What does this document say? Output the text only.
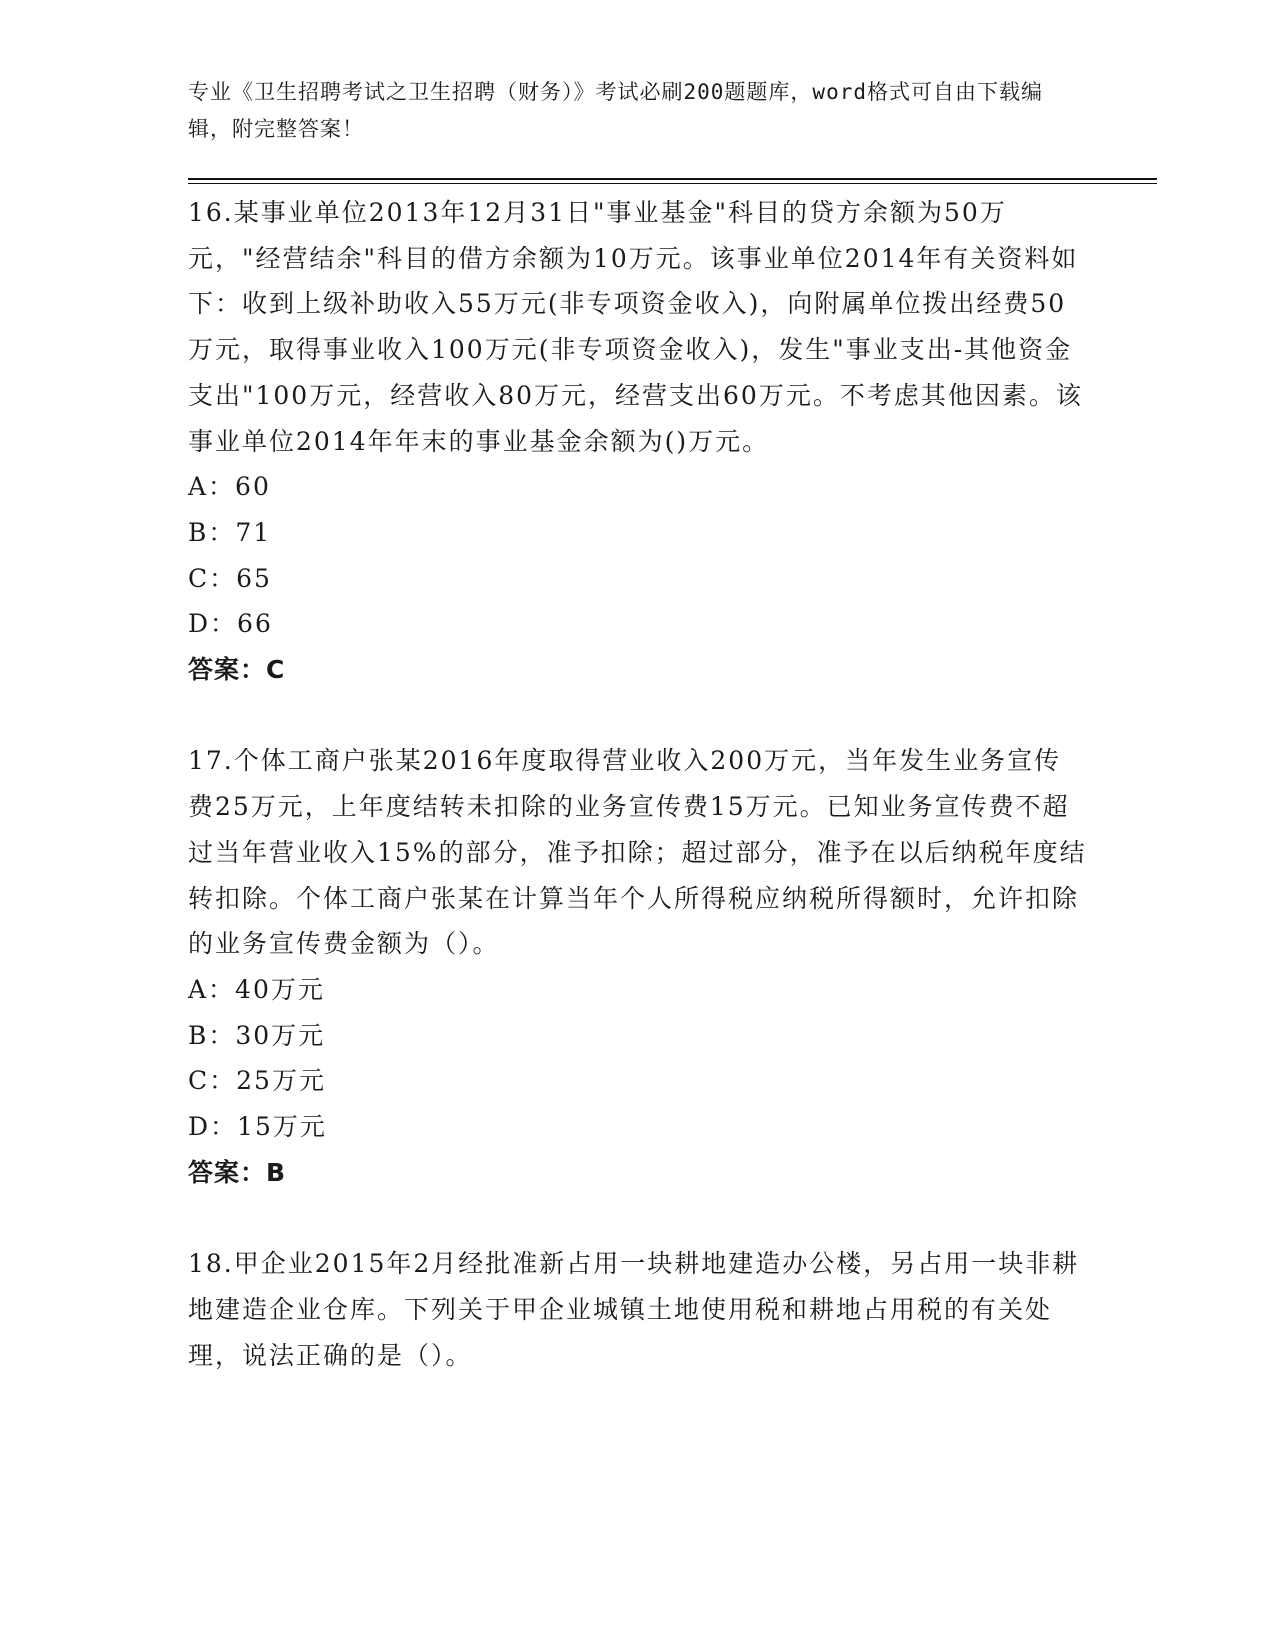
专业《卫生招聘考试之卫生招聘（财务）》考试必刷200题题库，word格式可自由下载编辑，附完整答案！

16.某事业单位2013年12月31日"事业基金"科目的贷方余额为50万元，"经营结余"科目的借方余额为10万元。该事业单位2014年有关资料如下：收到上级补助收入55万元(非专项资金收入)，向附属单位拨出经费50万元，取得事业收入100万元(非专项资金收入)，发生"事业支出-其他资金支出"100万元，经营收入80万元，经营支出60万元。不考虑其他因素。该事业单位2014年年末的事业基金余额为()万元。

A：60

B：71

C：65

D：66

答案：C

17.个体工商户张某2016年度取得营业收入200万元，当年发生业务宣传费25万元，上年度结转未扣除的业务宣传费15万元。已知业务宣传费不超过当年营业收入15%的部分，准予扣除；超过部分，准予在以后纳税年度结转扣除。个体工商户张某在计算当年个人所得税应纳税所得额时，允许扣除的业务宣传费金额为（）。

A：40万元

B：30万元

C：25万元

D：15万元

答案：B

18.甲企业2015年2月经批准新占用一块耕地建造办公楼，另占用一块非耕地建造企业仓库。下列关于甲企业城镇土地使用税和耕地占用税的有关处理，说法正确的是（）。
